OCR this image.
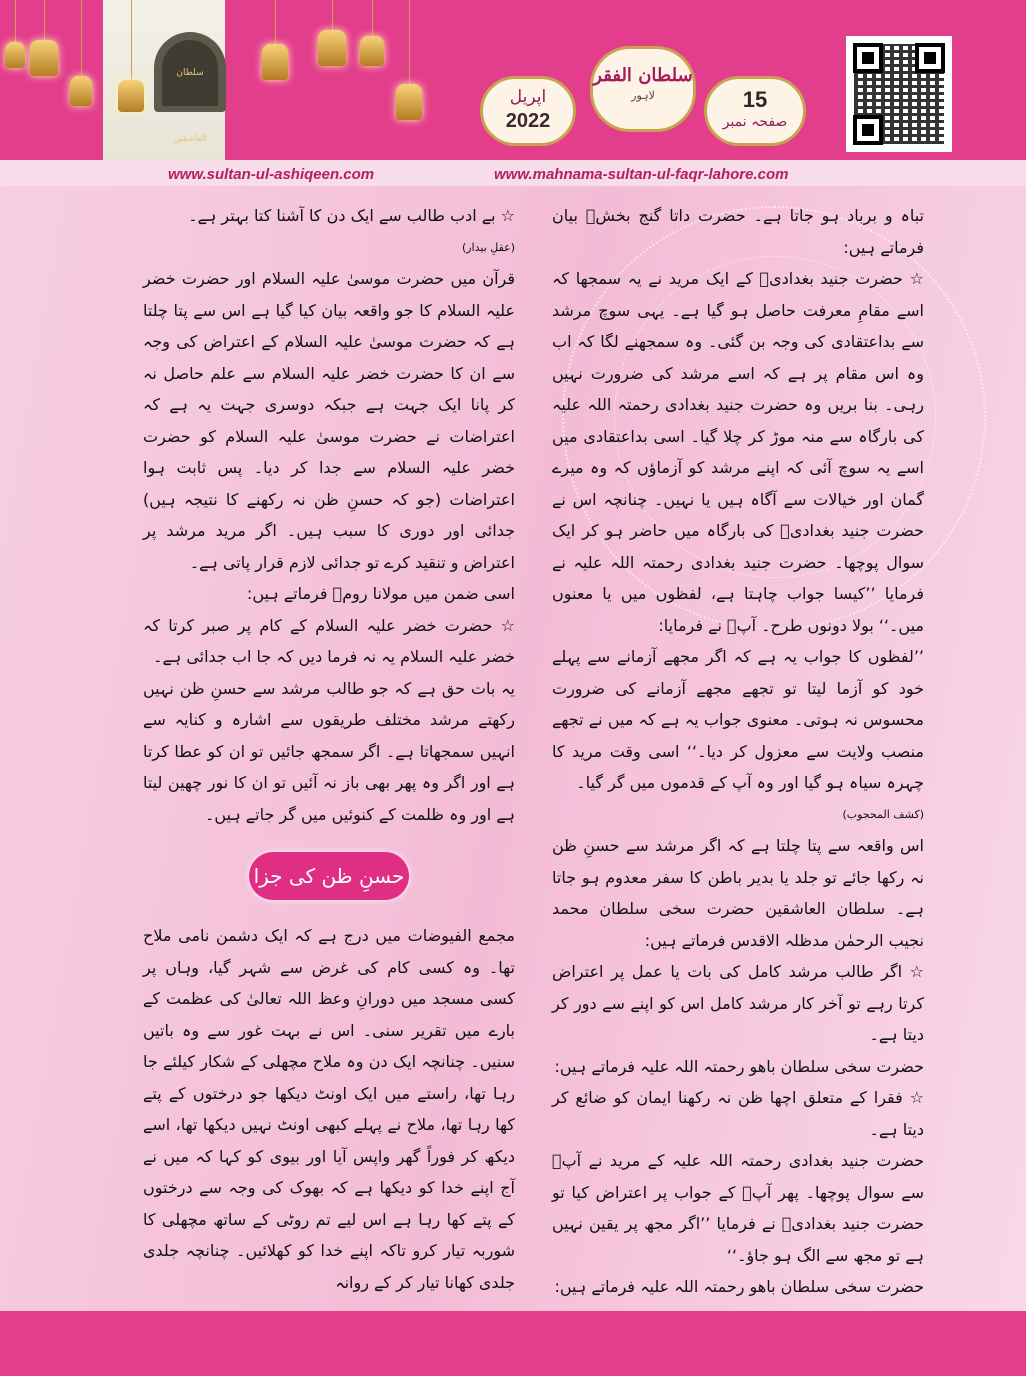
سلطان العاشقین
اپریل
2022
سلطان الفقر
لاہور	15
صفحہ نمبر
www.sultan-ul-ashiqeen.com	www.mahnama-sultan-ul-faqr-lahore.com

تباہ و برباد ہو جاتا ہے۔ حضرت داتا گنج بخشؒ بیان فرماتے ہیں:

☆ حضرت جنید بغدادیؒ کے ایک مرید نے یہ سمجھا کہ اسے مقامِ معرفت حاصل ہو گیا ہے۔ یہی سوچ مرشد سے بداعتقادی کی وجہ بن گئی۔ وہ سمجھنے لگا کہ اب وہ اس مقام پر ہے کہ اسے مرشد کی ضرورت نہیں رہی۔ بنا بریں وہ حضرت جنید بغدادی رحمتہ اللہ علیہ کی بارگاہ سے منہ موڑ کر چلا گیا۔ اسی بداعتقادی میں اسے یہ سوچ آئی کہ اپنے مرشد کو آزماؤں کہ وہ میرے گمان اور خیالات سے آگاہ ہیں یا نہیں۔ چنانچہ اس نے حضرت جنید بغدادیؒ کی بارگاہ میں حاضر ہو کر ایک سوال پوچھا۔ حضرت جنید بغدادی رحمتہ اللہ علیہ نے فرمایا ’’کیسا جواب چاہتا ہے، لفظوں میں یا معنوں میں۔‘‘ بولا دونوں طرح۔ آپؒ نے فرمایا:

’’لفظوں کا جواب یہ ہے کہ اگر مجھے آزمانے سے پہلے خود کو آزما لیتا تو تجھے مجھے آزمانے کی ضرورت محسوس نہ ہوتی۔ معنوی جواب یہ ہے کہ میں نے تجھے منصب ولایت سے معزول کر دیا۔‘‘ اسی وقت مرید کا چہرہ سیاہ ہو گیا اور وہ آپ کے قدموں میں گر گیا۔

(کشف المحجوب)

اس واقعہ سے پتا چلتا ہے کہ اگر مرشد سے حسنِ ظن نہ رکھا جائے تو جلد یا بدیر باطن کا سفر معدوم ہو جاتا ہے۔ سلطان العاشقین حضرت سخی سلطان محمد نجیب الرحمٰن مدظلہ الاقدس فرماتے ہیں:

☆ اگر طالب مرشد کامل کی بات یا عمل پر اعتراض کرتا رہے تو آخر کار مرشد کامل اس کو اپنے سے دور کر دیتا ہے۔

حضرت سخی سلطان باھو رحمتہ اللہ علیہ فرماتے ہیں:

☆ فقرا کے متعلق اچھا ظن نہ رکھنا ایمان کو ضائع کر دیتا ہے۔

حضرت جنید بغدادی رحمتہ اللہ علیہ کے مرید نے آپؒ سے سوال پوچھا۔ پھر آپؒ کے جواب پر اعتراض کیا تو حضرت جنید بغدادیؒ نے فرمایا ’’اگر مجھ پر یقین نہیں ہے تو مجھ سے الگ ہو جاؤ۔‘‘

حضرت سخی سلطان باھو رحمتہ اللہ علیہ فرماتے ہیں:

☆ بے ادب طالب سے ایک دن کا آشنا کتا بہتر ہے۔

(عقلِ بیدار)

قرآن میں حضرت موسیٰ علیہ السلام اور حضرت خضر علیہ السلام کا جو واقعہ بیان کیا گیا ہے اس سے پتا چلتا ہے کہ حضرت موسیٰ علیہ السلام کے اعتراض کی وجہ سے ان کا حضرت خضر علیہ السلام سے علم حاصل نہ کر پانا ایک جہت ہے جبکہ دوسری جہت یہ ہے کہ اعتراضات نے حضرت موسیٰ علیہ السلام کو حضرت خضر علیہ السلام سے جدا کر دیا۔ پس ثابت ہوا اعتراضات (جو کہ حسنِ ظن نہ رکھنے کا نتیجہ ہیں) جدائی اور دوری کا سبب ہیں۔ اگر مرید مرشد پر اعتراض و تنقید کرے تو جدائی لازم قرار پاتی ہے۔

اسی ضمن میں مولانا رومؒ فرماتے ہیں:

☆ حضرت خضر علیہ السلام کے کام پر صبر کرتا کہ خضر علیہ السلام یہ نہ فرما دیں کہ جا اب جدائی ہے۔

یہ بات حق ہے کہ جو طالب مرشد سے حسنِ ظن نہیں رکھتے مرشد مختلف طریقوں سے اشارہ و کنایہ سے انہیں سمجھاتا ہے۔ اگر سمجھ جائیں تو ان کو عطا کرتا ہے اور اگر وہ پھر بھی باز نہ آئیں تو ان کا نور چھین لیتا ہے اور وہ ظلمت کے کنوئیں میں گر جاتے ہیں۔

حسنِ ظن کی جزا

مجمع الفیوضات میں درج ہے کہ ایک دشمن نامی ملاح تھا۔ وہ کسی کام کی غرض سے شہر گیا، وہاں پر کسی مسجد میں دورانِ وعظ اللہ تعالیٰ کی عظمت کے بارے میں تقریر سنی۔ اس نے بہت غور سے وہ باتیں سنیں۔ چنانچہ ایک دن وہ ملاح مچھلی کے شکار کیلئے جا رہا تھا، راستے میں ایک اونٹ دیکھا جو درختوں کے پتے کھا رہا تھا، ملاح نے پہلے کبھی اونٹ نہیں دیکھا تھا، اسے دیکھ کر فوراً گھر واپس آیا اور بیوی کو کہا کہ میں نے آج اپنے خدا کو دیکھا ہے کہ بھوک کی وجہ سے درختوں کے پتے کھا رہا ہے اس لیے تم روٹی کے ساتھ مچھلی کا شوربہ تیار کرو تاکہ اپنے خدا کو کھلائیں۔ چنانچہ جلدی جلدی کھانا تیار کر کے روانہ
